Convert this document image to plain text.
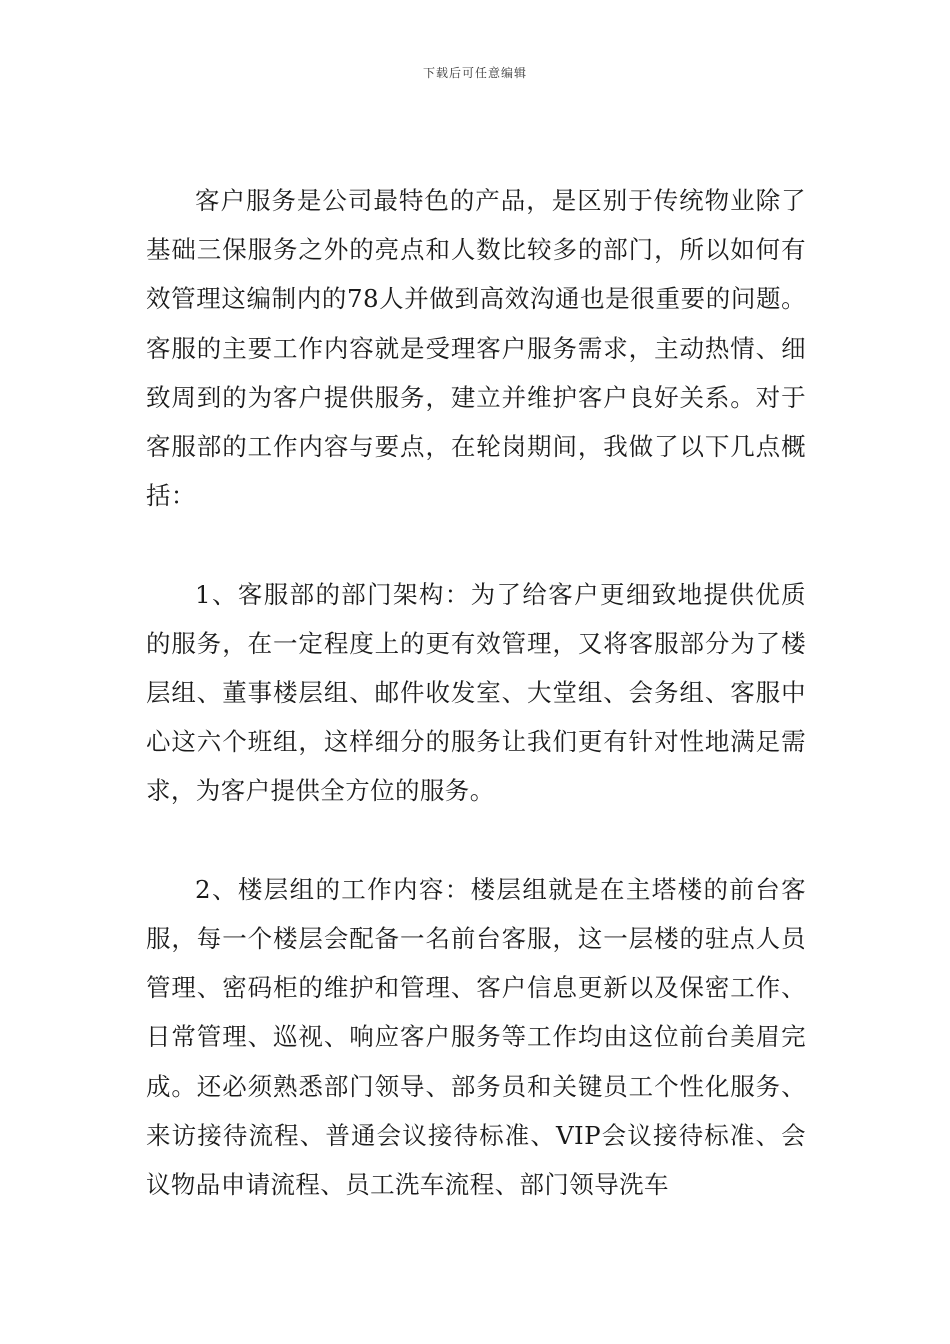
下载后可任意编辑

客户服务是公司最特色的产品，是区别于传统物业除了基础三保服务之外的亮点和人数比较多的部门，所以如何有效管理这编制内的78人并做到高效沟通也是很重要的问题。客服的主要工作内容就是受理客户服务需求，主动热情、细致周到的为客户提供服务，建立并维护客户良好关系。对于客服部的工作内容与要点，在轮岗期间，我做了以下几点概括：

1、客服部的部门架构：为了给客户更细致地提供优质的服务，在一定程度上的更有效管理，又将客服部分为了楼层组、董事楼层组、邮件收发室、大堂组、会务组、客服中心这六个班组，这样细分的服务让我们更有针对性地满足需求，为客户提供全方位的服务。

2、楼层组的工作内容：楼层组就是在主塔楼的前台客服，每一个楼层会配备一名前台客服，这一层楼的驻点人员管理、密码柜的维护和管理、客户信息更新以及保密工作、日常管理、巡视、响应客户服务等工作均由这位前台美眉完成。还必须熟悉部门领导、部务员和关键员工个性化服务、来访接待流程、普通会议接待标准、VIP会议接待标准、会议物品申请流程、员工洗车流程、部门领导洗车
